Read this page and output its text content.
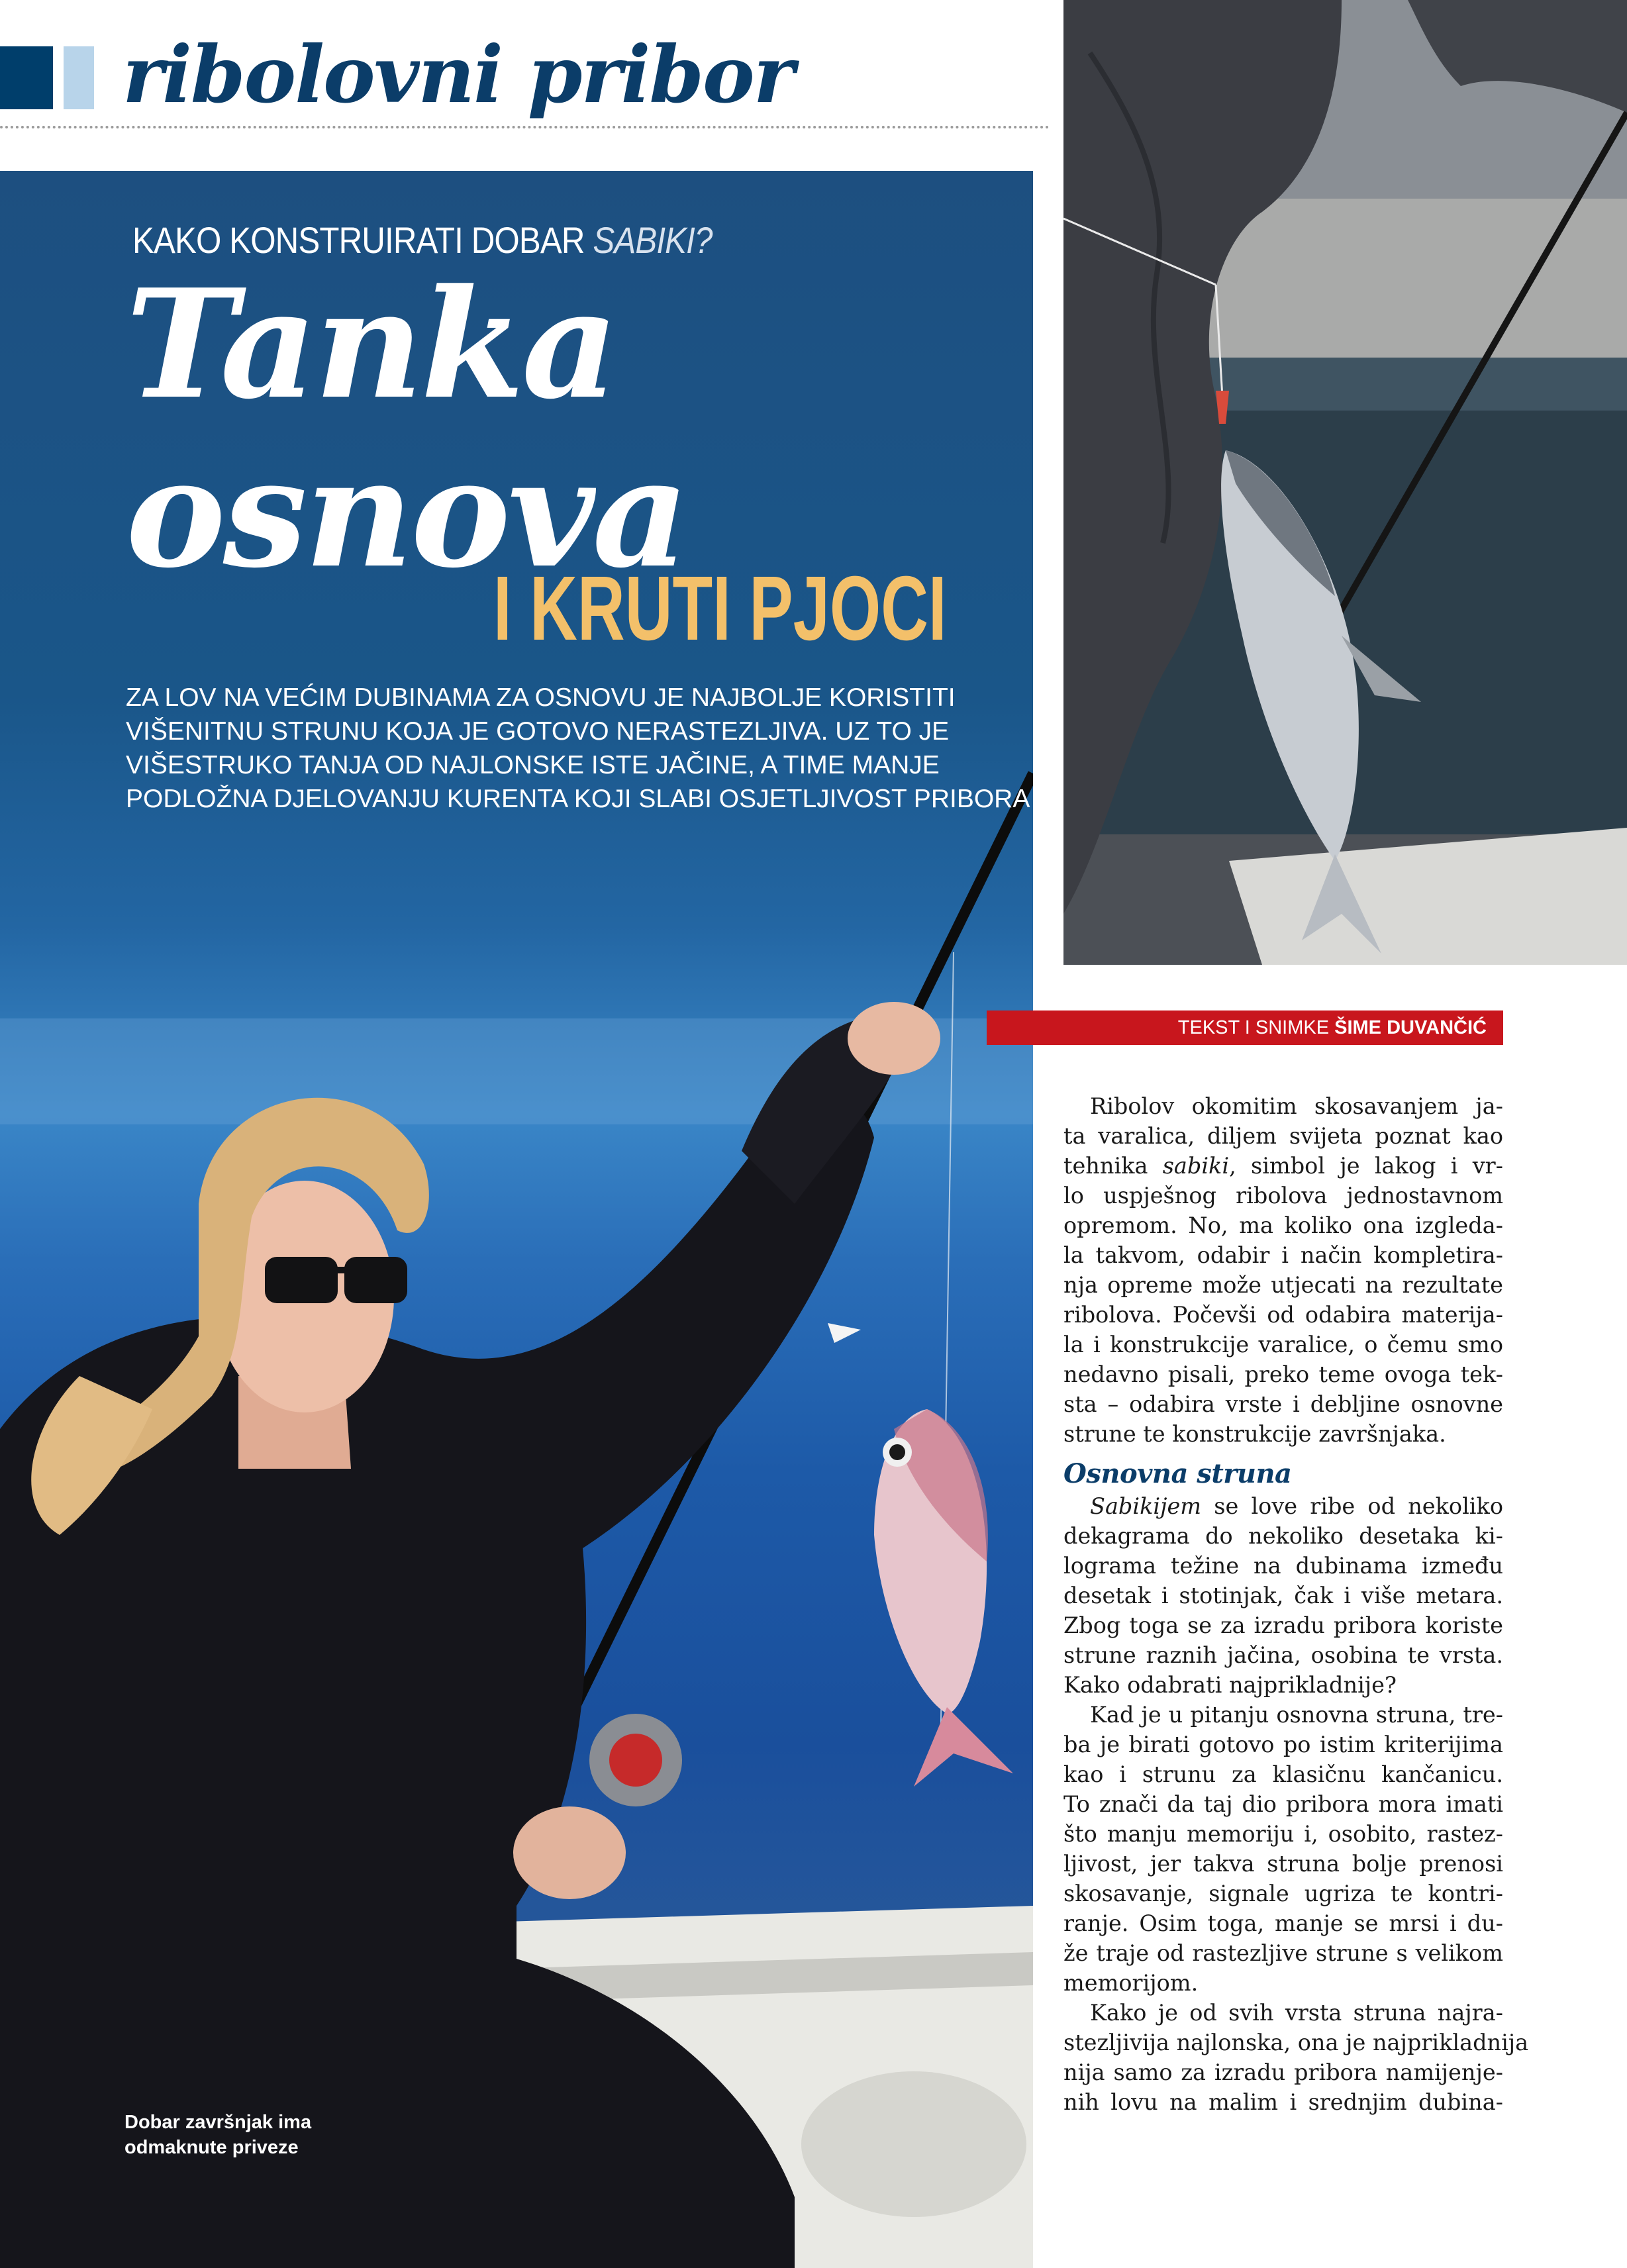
ribolovni pribor
KAKO KONSTRUIRATI DOBAR SABIKI?
Tanka
osnova
I KRUTI PJOCI
ZA LOV NA VEĆIM DUBINAMA ZA OSNOVU JE NAJBOLJE KORISTITI
VIŠENITNU STRUNU KOJA JE GOTOVO NERASTEZLJIVA. UZ TO JE
VIŠESTRUKO TANJA OD NAJLONSKE ISTE JAČINE, A TIME MANJE
PODLOŽNA DJELOVANJU KURENTA KOJI SLABI OSJETLJIVOST PRIBORA
Dobar završnjak ima
odmaknute priveze
TEKST I SNIMKE ŠIME DUVANČIĆ
Ribolov okomitim skosavanjem ja-
ta varalica, diljem svijeta poznat kao
tehnika sabiki, simbol je lakog i vr-
lo uspješnog ribolova jednostavnom
opremom. No, ma koliko ona izgleda-
la takvom, odabir i način kompletira-
nja opreme može utjecati na rezultate
ribolova. Počevši od odabira materija-
la i konstrukcije varalice, o čemu smo
nedavno pisali, preko teme ovoga tek-
sta – odabira vrste i debljine osnovne
strune te konstrukcije završnjaka.
Osnovna struna
Sabikijem se love ribe od nekoliko
dekagrama do nekoliko desetaka ki-
lograma težine na dubinama između
desetak i stotinjak, čak i više metara.
Zbog toga se za izradu pribora koriste
strune raznih jačina, osobina te vrsta.
Kako odabrati najprikladnije?
Kad je u pitanju osnovna struna, tre-
ba je birati gotovo po istim kriterijima
kao i strunu za klasičnu kančanicu.
To znači da taj dio pribora mora imati
što manju memoriju i, osobito, rastez-
ljivost, jer takva struna bolje prenosi
skosavanje, signale ugriza te kontri-
ranje. Osim toga, manje se mrsi i du-
že traje od rastezljive strune s velikom
memorijom.
Kako je od svih vrsta struna najra-
stezljivija najlonska, ona je najprikladnija
nija samo za izradu pribora namijenje-
nih lovu na malim i srednjim dubina-
